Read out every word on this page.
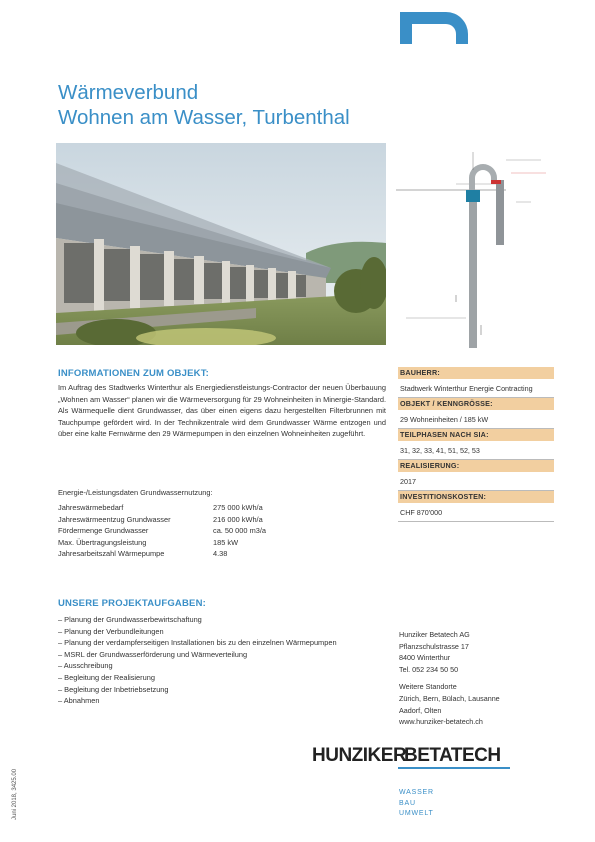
Wärmeverbund
Wohnen am Wasser, Turbenthal
INFORMATIONEN ZUM OBJEKT:
Im Auftrag des Stadtwerks Winterthur als Energiedienstleistungs-Contractor der neuen Überbauung „Wohnen am Wasser“ planen wir die Wärmeversorgung für 29 Wohneinheiten in Minergie-Standard. Als Wärmequelle dient Grundwasser, das über einen eigens dazu hergestellten Filterbrunnen mit Tauchpumpe gefördert wird. In der Technikzentrale wird dem Grundwasser Wärme entzogen und über eine kalte Fernwärme den 29 Wärmepumpen in den einzelnen Wohneinheiten zugeführt.
Energie-/Leistungsdaten Grundwassernutzung:
Jahreswärmebedarf	275 000 kWh/a
Jahreswärmeentzug Grundwasser	216 000 kWh/a
Fördermenge Grundwasser	ca. 50 000 m3/a
Max. Übertragungsleistung	185 kW
Jahresarbeitszahl Wärmepumpe	4.38
UNSERE PROJEKTAUFGABEN:
– Planung der Grundwasserbewirtschaftung
– Planung der Verbundleitungen
– Planung der verdampferseitigen Installationen bis zu den einzelnen Wärmepumpen
– MSRL der Grundwasserförderung und Wärmeverteilung
– Ausschreibung
– Begleitung der Realisierung
– Begleitung der Inbetriebsetzung
– Abnahmen
BAUHERR:
Stadtwerk Winterthur Energie Contracting
OBJEKT / KENNGRÖSSE:
29 Wohneinheiten / 185 kW
TEILPHASEN NACH SIA:
31, 32, 33, 41, 51, 52, 53
REALISIERUNG:
2017
INVESTITIONSKOSTEN:
CHF 870'000
Hunziker Betatech AG
Pflanzschulstrasse 17
8400 Winterthur
Tel. 052 234 50 50
Weitere Standorte
Zürich, Bern, Bülach, Lausanne
Aadorf, Olten
www.hunziker-betatech.ch
HUNZIKER
BETATECH
WASSER
BAU
UMWELT
Juni 2018, 3425.00
